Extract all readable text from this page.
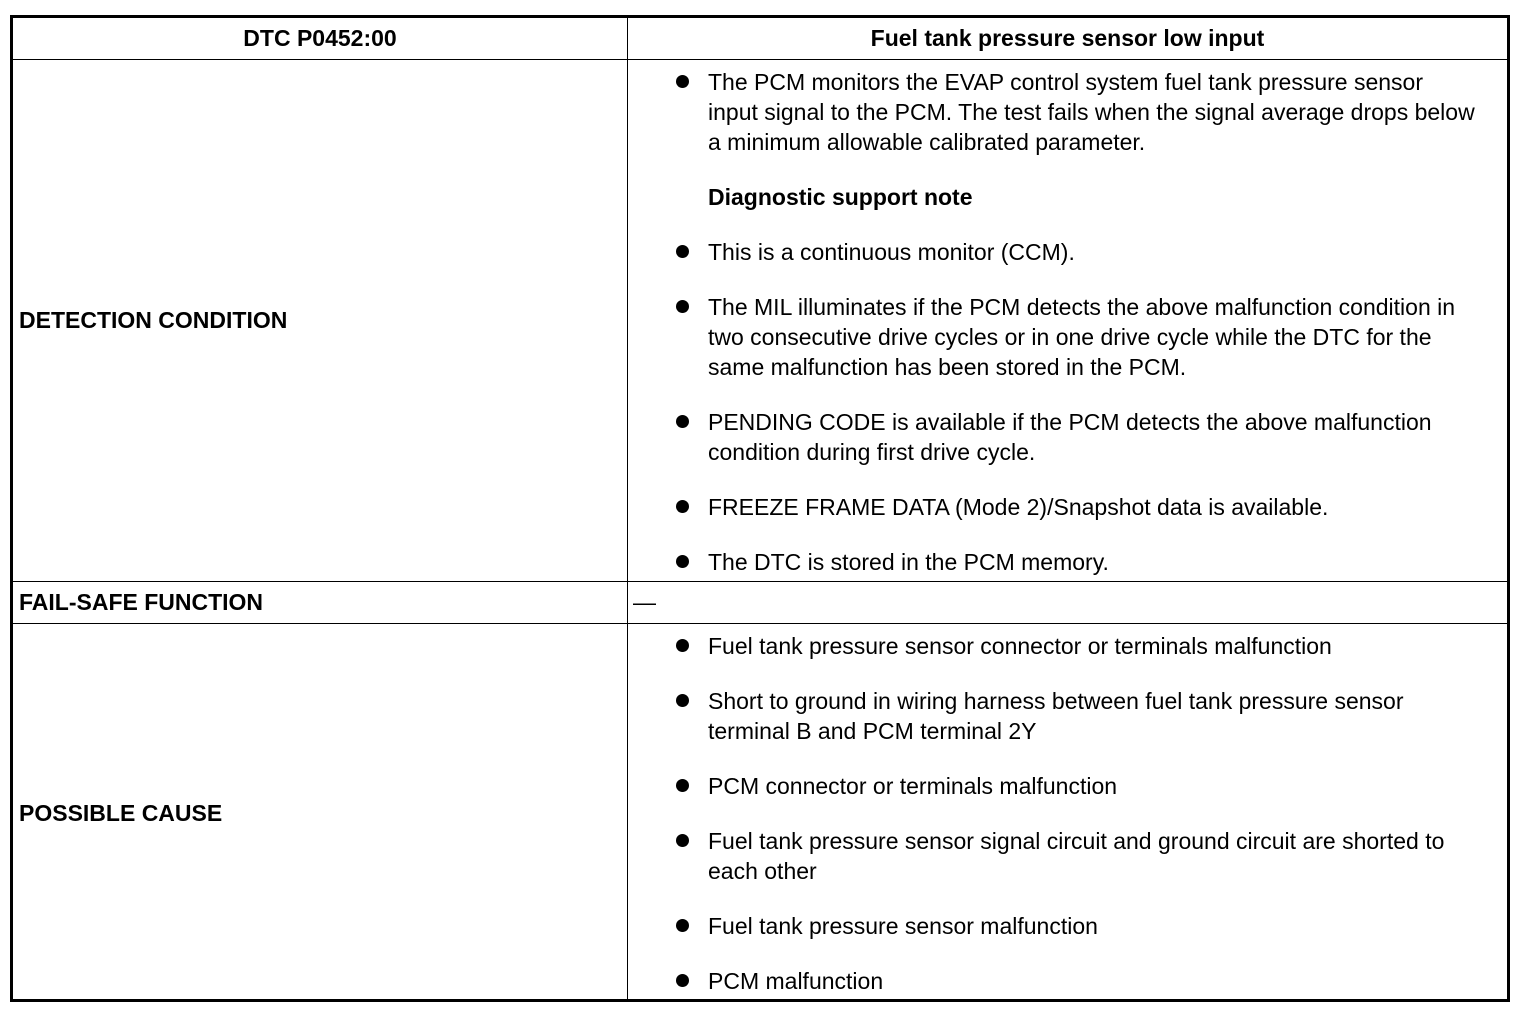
DTC P0452:00	Fuel tank pressure sensor low input
DETECTION CONDITION
The PCM monitors the EVAP control system fuel tank pressure sensor input signal to the PCM. The test fails when the signal average drops below a minimum allowable calibrated parameter.
Diagnostic support note
This is a continuous monitor (CCM).
The MIL illuminates if the PCM detects the above malfunction condition in two consecutive drive cycles or in one drive cycle while the DTC for the same malfunction has been stored in the PCM.
PENDING CODE is available if the PCM detects the above malfunction condition during first drive cycle.
FREEZE FRAME DATA (Mode 2)/Snapshot data is available.
The DTC is stored in the PCM memory.
FAIL-SAFE FUNCTION	—
POSSIBLE CAUSE
Fuel tank pressure sensor connector or terminals malfunction
Short to ground in wiring harness between fuel tank pressure sensor terminal B and PCM terminal 2Y
PCM connector or terminals malfunction
Fuel tank pressure sensor signal circuit and ground circuit are shorted to each other
Fuel tank pressure sensor malfunction
PCM malfunction
